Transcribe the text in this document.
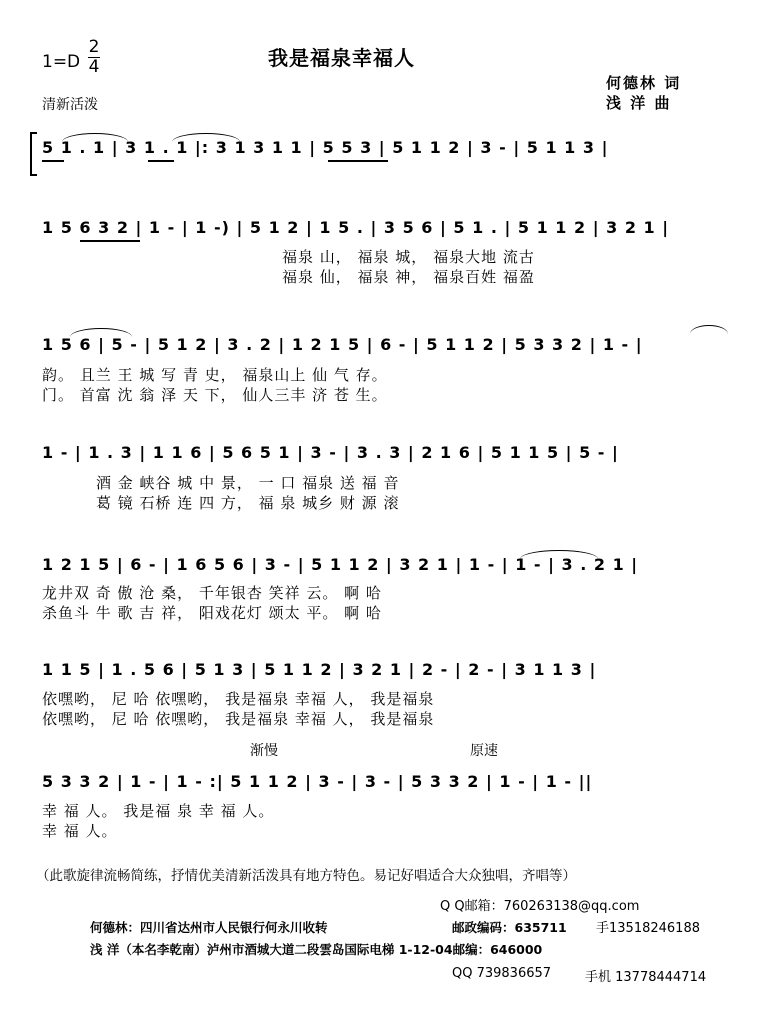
1=D
2
4
清新活泼
我是福泉幸福人
何德林 词
浅 洋 曲
5 1 . 1 | 3 1 . 1 |: 3 1 3 1 1 | 5 5 3 | 5 1 1 2 | 3 - | 5 1 1 3 |
1 5 6 3 2 | 1 - | 1 -) | 5 1 2 | 1 5 . | 3 5 6 | 5 1 . | 5 1 1 2 | 3 2 1 |
1 5 6 | 5 - | 5 1 2 | 3 . 2 | 1 2 1 5 | 6 - | 5 1 1 2 | 5 3 3 2 | 1 - |
1 - | 1 . 3 | 1 1 6 | 5 6 5 1 | 3 - | 3 . 3 | 2 1 6 | 5 1 1 5 | 5 - |
1 2 1 5 | 6 - | 1 6 5 6 | 3 - | 5 1 1 2 | 3 2 1 | 1 - | 1 - | 3 . 2 1 |
1 1 5 | 1 . 5 6 | 5 1 3 | 5 1 1 2 | 3 2 1 | 2 - | 2 - | 3 1 1 3 |
5 3 3 2 | 1 - | 1 - :| 5 1 1 2 | 3 - | 3 - | 5 3 3 2 | 1 - | 1 - ||
福泉 山， 福泉 城， 福泉大地 流古
福泉 仙， 福泉 神， 福泉百姓 福盈
韵。 且兰 王 城 写 青 史， 福泉山上 仙 气 存。
门。 首富 沈 翁 泽 天 下， 仙人三丰 济 苍 生。
酒 金 峡谷 城 中 景， 一 口 福泉 送 福 音
葛 镜 石桥 连 四 方， 福 泉 城乡 财 源 滚
龙井双 奇 傲 沧 桑， 千年银杏 笑祥 云。 啊 哈
杀鱼斗 牛 歌 吉 祥， 阳戏花灯 颂太 平。 啊 哈
依嘿哟， 尼 哈 依嘿哟， 我是福泉 幸福 人， 我是福泉
依嘿哟， 尼 哈 依嘿哟， 我是福泉 幸福 人， 我是福泉
渐慢	原速
幸 福 人。 我是福 泉 幸 福 人。
幸 福 人。
（此歌旋律流畅简练，抒情优美清新活泼具有地方特色。易记好唱适合大众独唱，齐唱等）
Q Q邮箱：760263138@qq.com
何德林：四川省达州市人民银行何永川收转	邮政编码：635711 手13518246188
浅 洋（本名李乾南）泸州市酒城大道二段雲岛国际电梯 1-12-04邮编：646000
QQ 739836657	手机 13778444714
